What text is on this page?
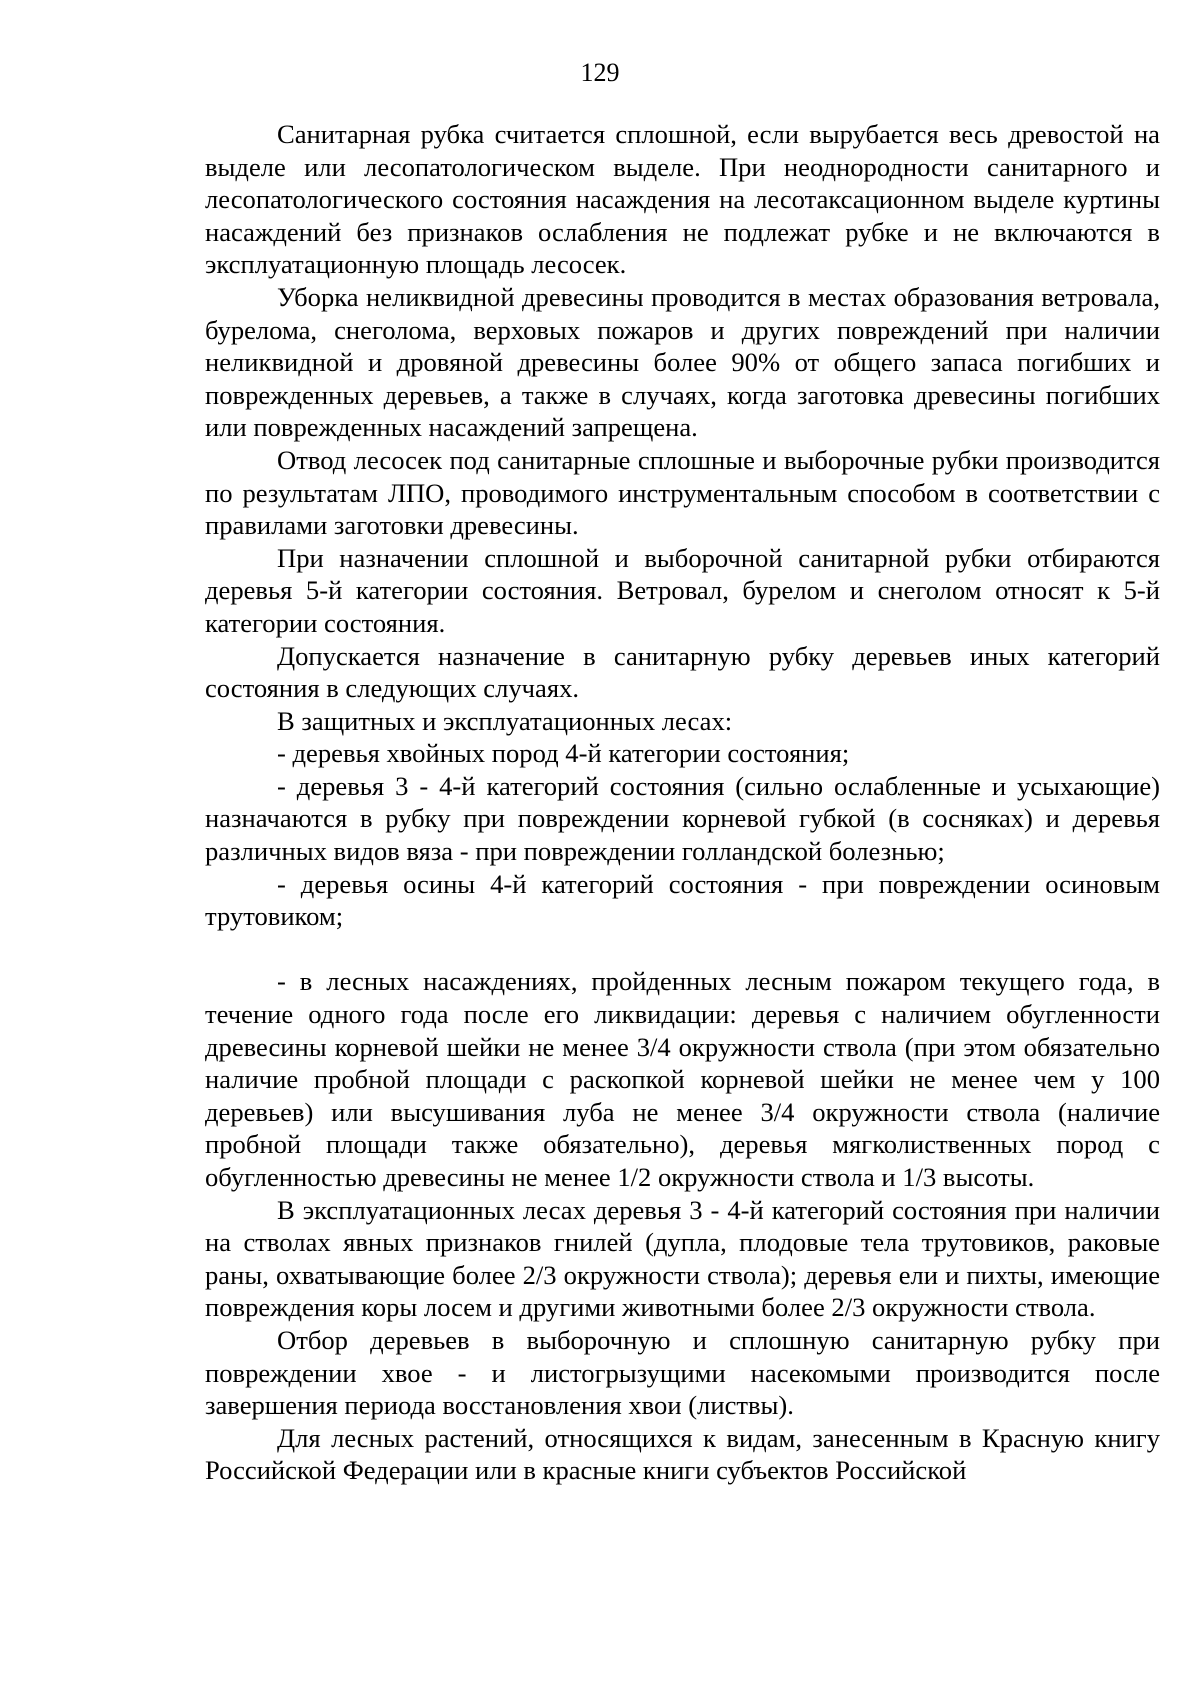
129

Санитарная рубка считается сплошной, если вырубается весь древостой на выделе или лесопатологическом выделе. При неоднородности санитарного и лесопатологического состояния насаждения на лесотаксационном выделе куртины насаждений без признаков ослабления не подлежат рубке и не включаются в эксплуатационную площадь лесосек.

Уборка неликвидной древесины проводится в местах образования ветровала, бурелома, снеголома, верховых пожаров и других повреждений при наличии неликвидной и дровяной древесины более 90% от общего запаса погибших и поврежденных деревьев, а также в случаях, когда заготовка древесины погибших или поврежденных насаждений запрещена.

Отвод лесосек под санитарные сплошные и выборочные рубки производится по результатам ЛПО, проводимого инструментальным способом в соответствии с правилами заготовки древесины.

При назначении сплошной и выборочной санитарной рубки отбираются деревья 5-й категории состояния. Ветровал, бурелом и снеголом относят к 5-й категории состояния.

Допускается назначение в санитарную рубку деревьев иных категорий состояния в следующих случаях.

В защитных и эксплуатационных лесах:

- деревья хвойных пород 4-й категории состояния;

- деревья 3 - 4-й категорий состояния (сильно ослабленные и усыхающие) назначаются в рубку при повреждении корневой губкой (в сосняках) и деревья различных видов вяза - при повреждении голландской болезнью;

- деревья осины 4-й категорий состояния - при повреждении осиновым трутовиком;

- в лесных насаждениях, пройденных лесным пожаром текущего года, в течение одного года после его ликвидации: деревья с наличием обугленности древесины корневой шейки не менее 3/4 окружности ствола (при этом обязательно наличие пробной площади с раскопкой корневой шейки не менее чем у 100 деревьев) или высушивания луба не менее 3/4 окружности ствола (наличие пробной площади также обязательно), деревья мягколиственных пород с обугленностью древесины не менее 1/2 окружности ствола и 1/3 высоты.

В эксплуатационных лесах деревья 3 - 4-й категорий состояния при наличии на стволах явных признаков гнилей (дупла, плодовые тела трутовиков, раковые раны, охватывающие более 2/3 окружности ствола); деревья ели и пихты, имеющие повреждения коры лосем и другими животными более 2/3 окружности ствола.

Отбор деревьев в выборочную и сплошную санитарную рубку при повреждении хвое - и листогрызущими насекомыми производится после завершения периода восстановления хвои (листвы).

Для лесных растений, относящихся к видам, занесенным в Красную книгу Российской Федерации или в красные книги субъектов Российской
